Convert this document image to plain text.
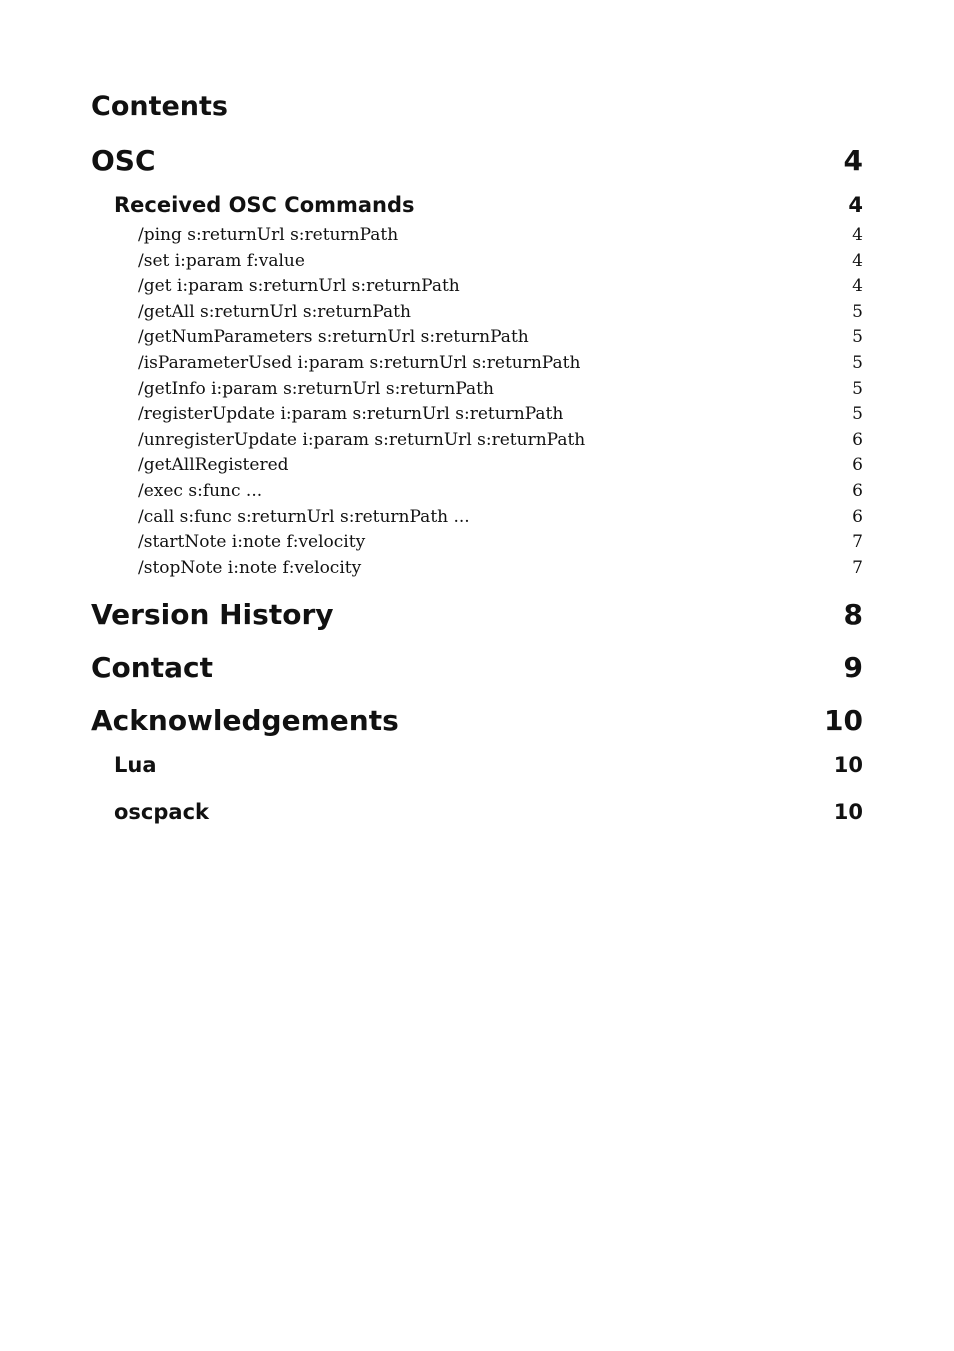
Contents
OSC	4
Received OSC Commands	4
/ping s:returnUrl s:returnPath	4
/set i:param f:value	4
/get i:param s:returnUrl s:returnPath	4
/getAll s:returnUrl s:returnPath	5
/getNumParameters s:returnUrl s:returnPath	5
/isParameterUsed i:param s:returnUrl s:returnPath	5
/getInfo i:param s:returnUrl s:returnPath	5
/registerUpdate i:param s:returnUrl s:returnPath	5
/unregisterUpdate i:param s:returnUrl s:returnPath	6
/getAllRegistered	6
/exec s:func ...	6
/call s:func s:returnUrl s:returnPath ...	6
/startNote i:note f:velocity	7
/stopNote i:note f:velocity	7
Version History	8
Contact	9
Acknowledgements	10
Lua	10
oscpack	10
